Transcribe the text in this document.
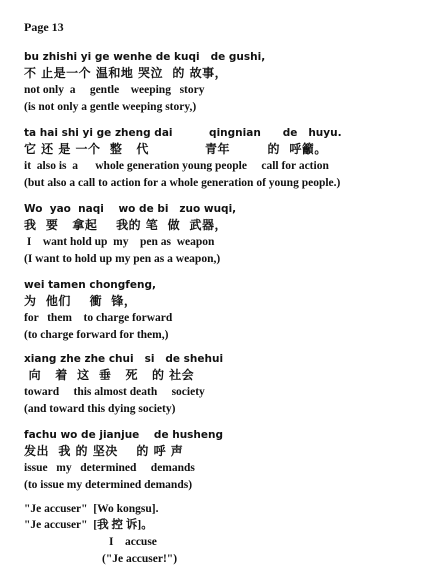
Page 13
bu zhishi yi ge wenhe de kuqi   de gushi,
不 止是一个 温和地 哭泣  的 故事，
not only  a     gentle    weeping   story
(is not only a gentle weeping story,)
ta hai shi yi ge zheng dai          qingnian      de   huyu.
它 还 是 一个  整   代            青年        的  呼籲。
it  also is  a      whole generation young people     call for action
(but also a call to action for a whole generation of young people.)
Wo  yao  naqi    wo de bi   zuo wuqi,
我  要   拿起    我的 笔  做  武器，
I    want hold up  my    pen as  weapon
(I want to hold up my pen as a weapon,)
wei tamen chongfeng,
为  他们    衝  锋，
for   them    to charge forward
(to charge forward for them,)
xiang zhe zhe chui   si   de shehui
向   着  这  垂   死   的 社会
toward     this almost death     society
(and toward this dying society)
fachu wo de jianjue    de husheng
发出  我 的 坚决    的 呼 声
issue   my   determined     demands
(to issue my determined demands)
"Je accuser"  [Wo kongsu].
"Je accuser"  [我 控 诉]。
I    accuse
("Je accuser!")
